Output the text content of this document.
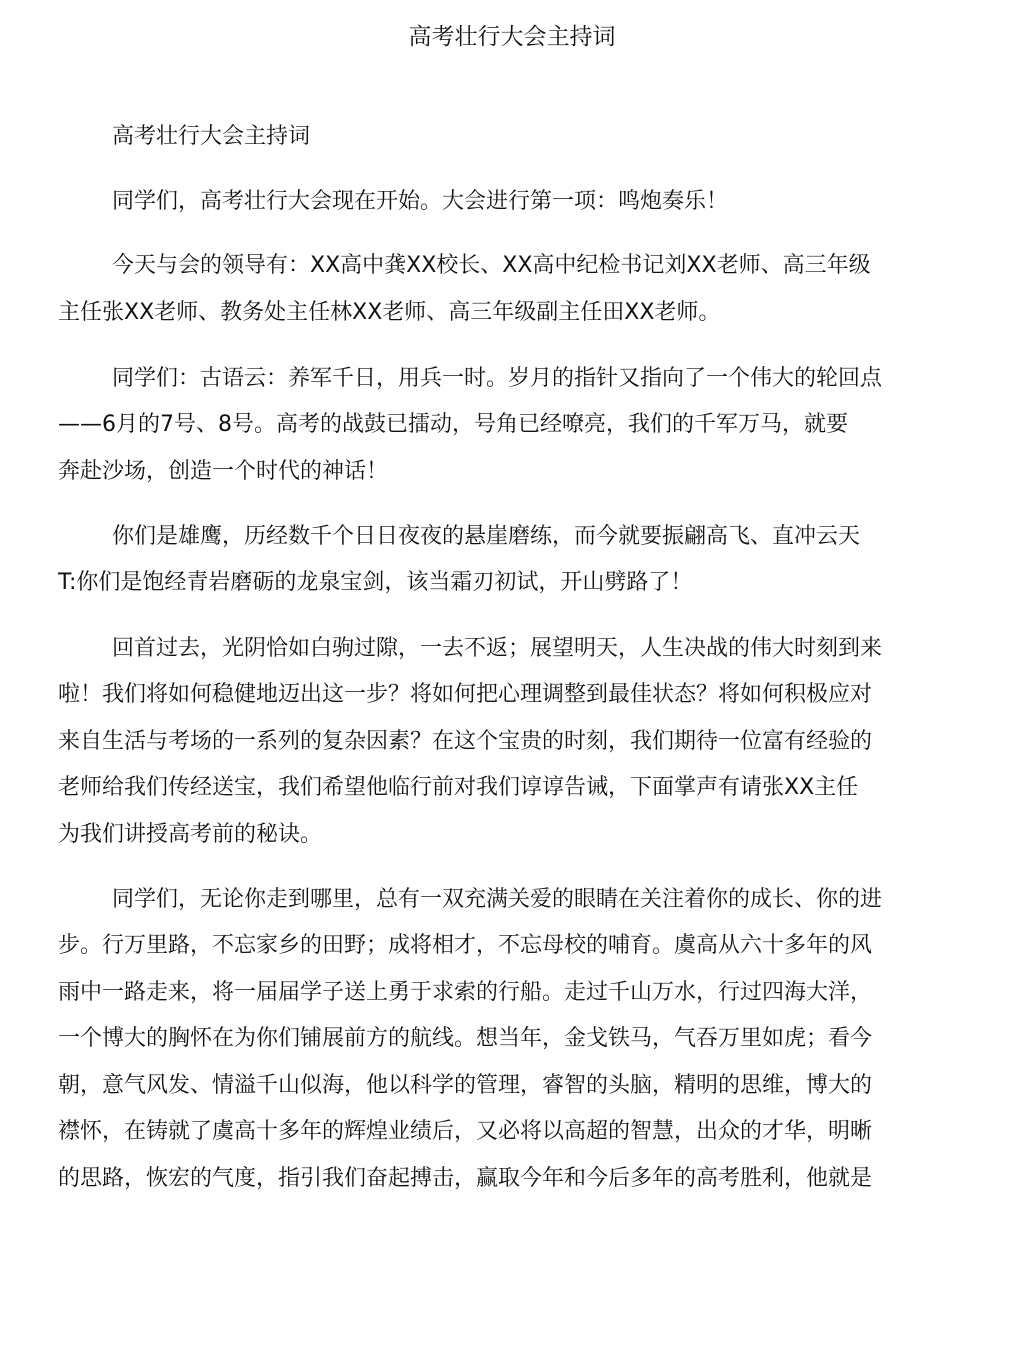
高考壮行大会主持词

高考壮行大会主持词

同学们，高考壮行大会现在开始。大会进行第一项：鸣炮奏乐！

今天与会的领导有：XX高中龚XX校长、XX高中纪检书记刘XX老师、高三年级

主任张XX老师、教务处主任林XX老师、高三年级副主任田XX老师。

同学们：古语云：养军千日，用兵一时。岁月的指针又指向了一个伟大的轮回点

——6月的7号、8号。高考的战鼓已擂动，号角已经嘹亮，我们的千军万马，就要

奔赴沙场，创造一个时代的神话！

你们是雄鹰，历经数千个日日夜夜的悬崖磨练，而今就要振翩高飞、直冲云天

T:你们是饱经青岩磨砺的龙泉宝剑，该当霜刃初试，开山劈路了！

回首过去，光阴恰如白驹过隙，一去不返；展望明天，人生决战的伟大时刻到来

啦！我们将如何稳健地迈出这一步？将如何把心理调整到最佳状态？将如何积极应对

来自生活与考场的一系列的复杂因素？在这个宝贵的时刻，我们期待一位富有经验的

老师给我们传经送宝，我们希望他临行前对我们谆谆告诫，下面掌声有请张XX主任

为我们讲授高考前的秘诀。

同学们，无论你走到哪里，总有一双充满关爱的眼睛在关注着你的成长、你的进

步。行万里路，不忘家乡的田野；成将相才，不忘母校的哺育。虞高从六十多年的风

雨中一路走来，将一届届学子送上勇于求索的行船。走过千山万水，行过四海大洋，

一个博大的胸怀在为你们铺展前方的航线。想当年，金戈铁马，气吞万里如虎；看今

朝，意气风发、情溢千山似海，他以科学的管理，睿智的头脑，精明的思维，博大的

襟怀，在铸就了虞高十多年的辉煌业绩后，又必将以高超的智慧，出众的才华，明晰

的思路，恢宏的气度，指引我们奋起搏击，赢取今年和今后多年的高考胜利，他就是
